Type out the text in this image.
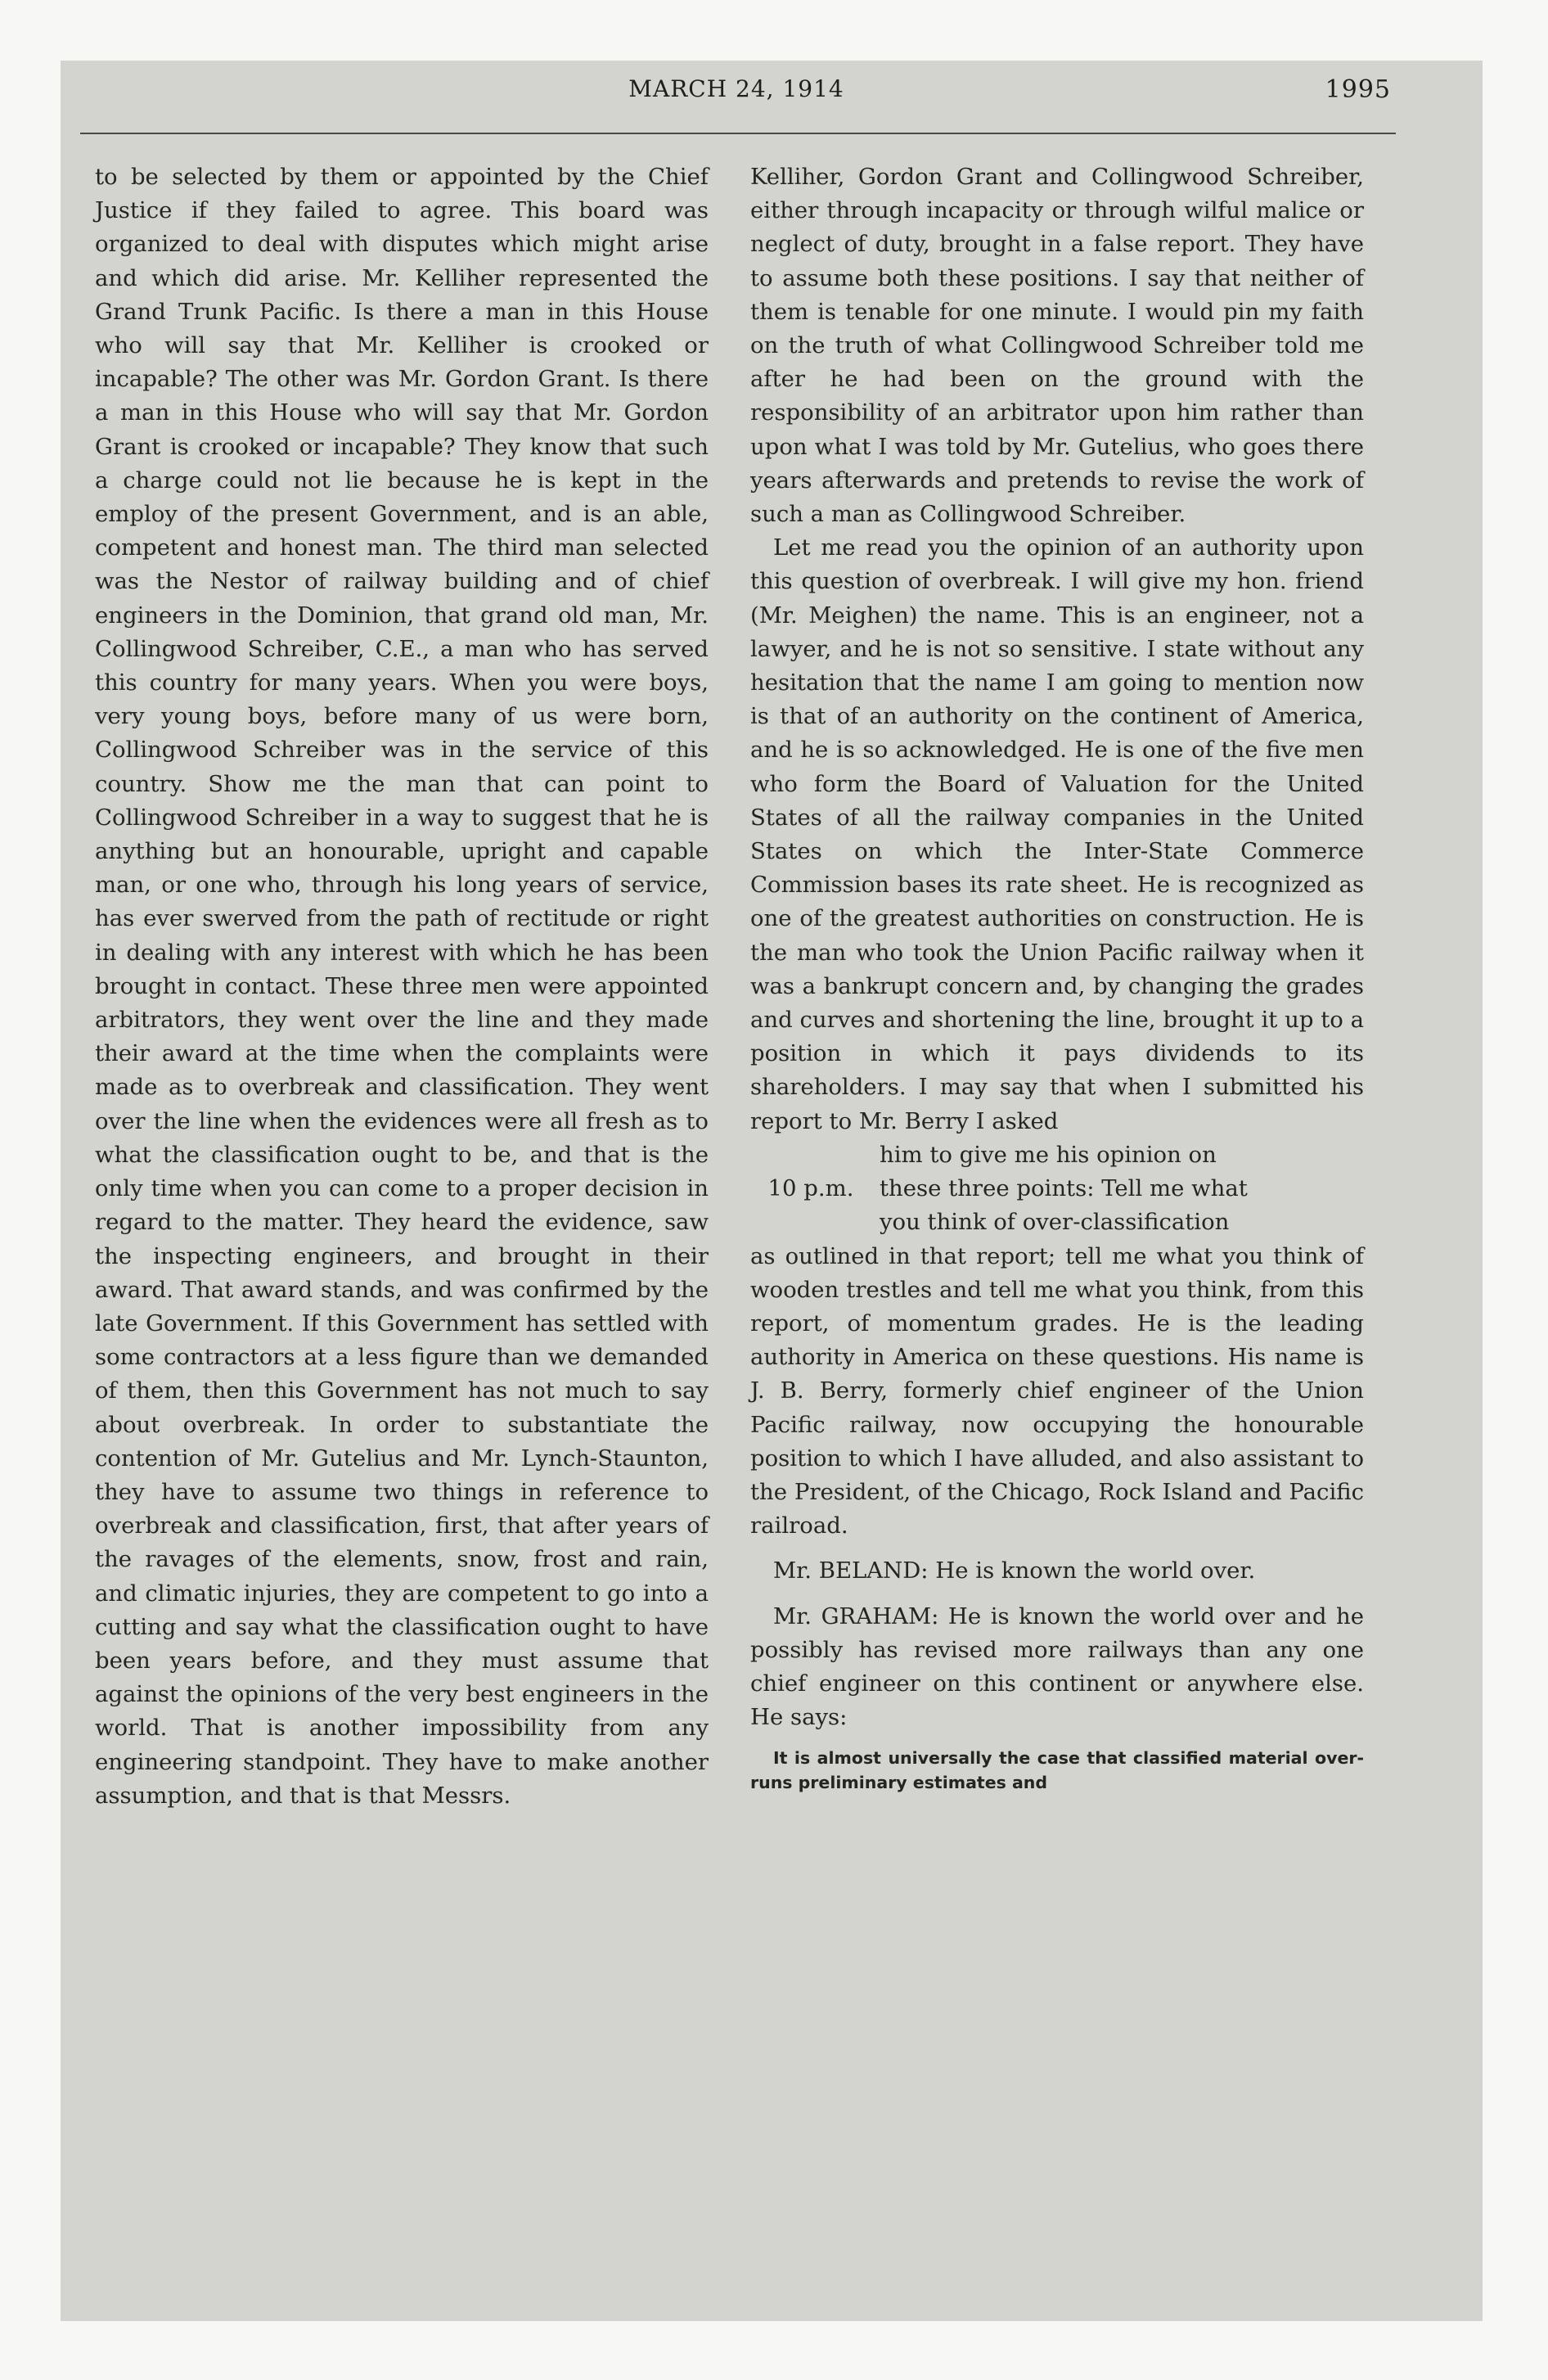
MARCH 24, 1914	1995

to be selected by them or appointed by the Chief Justice if they failed to agree. This board was organized to deal with disputes which might arise and which did arise. Mr. Kelliher represented the Grand Trunk Pacific. Is there a man in this House who will say that Mr. Kelliher is crooked or incapable? The other was Mr. Gordon Grant. Is there a man in this House who will say that Mr. Gordon Grant is crooked or incapable? They know that such a charge could not lie because he is kept in the employ of the present Government, and is an able, competent and honest man. The third man selected was the Nestor of railway building and of chief engineers in the Dominion, that grand old man, Mr. Collingwood Schreiber, C.E., a man who has served this country for many years. When you were boys, very young boys, before many of us were born, Collingwood Schreiber was in the service of this country. Show me the man that can point to Collingwood Schreiber in a way to suggest that he is anything but an honourable, upright and capable man, or one who, through his long years of service, has ever swerved from the path of rectitude or right in dealing with any interest with which he has been brought in contact. These three men were appointed arbitrators, they went over the line and they made their award at the time when the complaints were made as to overbreak and classification. They went over the line when the evidences were all fresh as to what the classification ought to be, and that is the only time when you can come to a proper decision in regard to the matter. They heard the evidence, saw the inspecting engineers, and brought in their award. That award stands, and was confirmed by the late Government. If this Government has settled with some contractors at a less figure than we demanded of them, then this Government has not much to say about overbreak. In order to substantiate the contention of Mr. Gutelius and Mr. Lynch-Staunton, they have to assume two things in reference to overbreak and classification, first, that after years of the ravages of the elements, snow, frost and rain, and climatic injuries, they are competent to go into a cutting and say what the classification ought to have been years before, and they must assume that against the opinions of the very best engineers in the world. That is another impossibility from any engineering standpoint. They have to make another assumption, and that is that Messrs.

Kelliher, Gordon Grant and Collingwood Schreiber, either through incapacity or through wilful malice or neglect of duty, brought in a false report. They have to assume both these positions. I say that neither of them is tenable for one minute. I would pin my faith on the truth of what Collingwood Schreiber told me after he had been on the ground with the responsibility of an arbitrator upon him rather than upon what I was told by Mr. Gutelius, who goes there years afterwards and pretends to revise the work of such a man as Collingwood Schreiber.

Let me read you the opinion of an authority upon this question of overbreak. I will give my hon. friend (Mr. Meighen) the name. This is an engineer, not a lawyer, and he is not so sensitive. I state without any hesitation that the name I am going to mention now is that of an authority on the continent of America, and he is so acknowledged. He is one of the five men who form the Board of Valuation for the United States of all the railway companies in the United States on which the Inter-State Commerce Commission bases its rate sheet. He is recognized as one of the greatest authorities on construction. He is the man who took the Union Pacific railway when it was a bankrupt concern and, by changing the grades and curves and shortening the line, brought it up to a position in which it pays dividends to its shareholders. I may say that when I submitted his report to Mr. Berry I asked

him to give me his opinion on
10 p.m.	these three points: Tell me what
you think of over-classification

as outlined in that report; tell me what you think of wooden trestles and tell me what you think, from this report, of momentum grades. He is the leading authority in America on these questions. His name is J. B. Berry, formerly chief engineer of the Union Pacific railway, now occupying the honourable position to which I have alluded, and also assistant to the President, of the Chicago, Rock Island and Pacific railroad.

Mr. BELAND: He is known the world over.

Mr. GRAHAM: He is known the world over and he possibly has revised more railways than any one chief engineer on this continent or anywhere else. He says:

It is almost universally the case that classified material over-runs preliminary estimates and
